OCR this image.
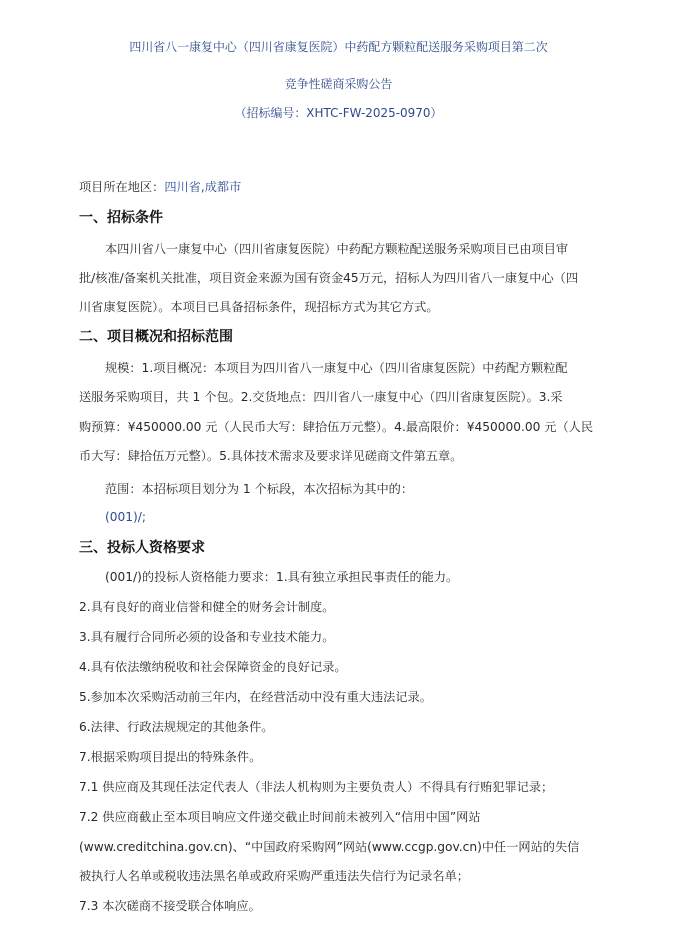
四川省八一康复中心（四川省康复医院）中药配方颗粒配送服务采购项目第二次
竞争性磋商采购公告
（招标编号：XHTC-FW-2025-0970）
项目所在地区：四川省,成都市
一、招标条件
本四川省八一康复中心（四川省康复医院）中药配方颗粒配送服务采购项目已由项目审
批/核准/备案机关批准，项目资金来源为国有资金45万元，招标人为四川省八一康复中心（四
川省康复医院）。本项目已具备招标条件，现招标方式为其它方式。
二、项目概况和招标范围
规模：1.项目概况：本项目为四川省八一康复中心（四川省康复医院）中药配方颗粒配
送服务采购项目，共 1 个包。2.交货地点：四川省八一康复中心（四川省康复医院）。3.采
购预算：¥450000.00 元（人民币大写：肆拾伍万元整）。4.最高限价：¥450000.00 元（人民
币大写：肆拾伍万元整）。5.具体技术需求及要求详见磋商文件第五章。
范围：本招标项目划分为 1 个标段，本次招标为其中的：
(001)/;
三、投标人资格要求
(001/)的投标人资格能力要求：1.具有独立承担民事责任的能力。
2.具有良好的商业信誉和健全的财务会计制度。
3.具有履行合同所必须的设备和专业技术能力。
4.具有依法缴纳税收和社会保障资金的良好记录。
5.参加本次采购活动前三年内，在经营活动中没有重大违法记录。
6.法律、行政法规规定的其他条件。
7.根据采购项目提出的特殊条件。
7.1 供应商及其现任法定代表人（非法人机构则为主要负责人）不得具有行贿犯罪记录；
7.2 供应商截止至本项目响应文件递交截止时间前未被列入“信用中国”网站
(www.creditchina.gov.cn)、“中国政府采购网”网站(www.ccgp.gov.cn)中任一网站的失信
被执行人名单或税收违法黑名单或政府采购严重违法失信行为记录名单；
7.3 本次磋商不接受联合体响应。
